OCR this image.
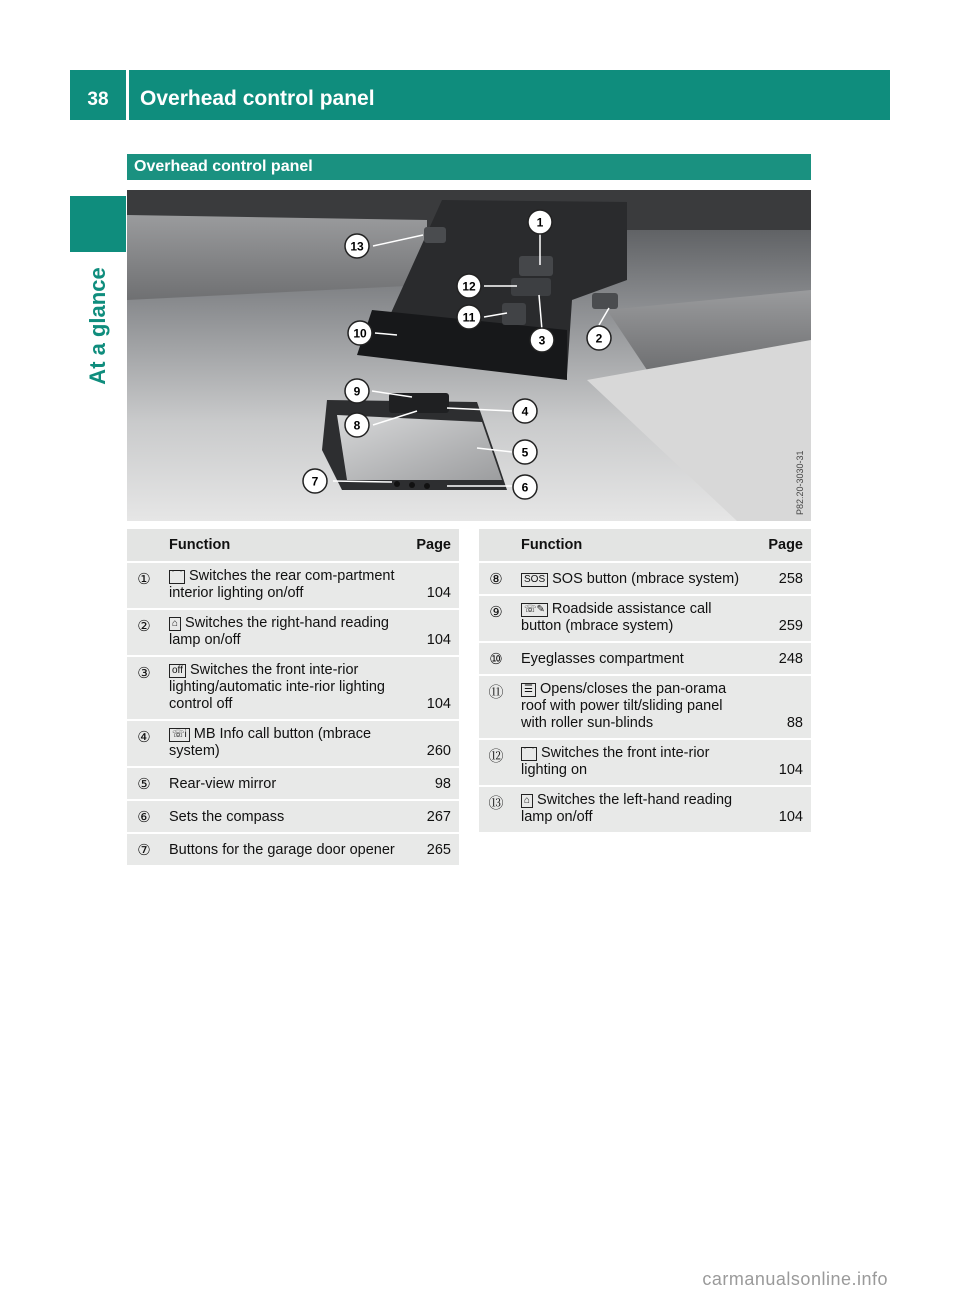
38	Overhead control panel
At a glance
Overhead control panel
1
2
3
4
5
6
7
8
9
10
11
12
13
P82.20-3030-31
	Function	Page
①	⌒ Switches the rear com-partment interior lighting on/off	104
②	⌂ Switches the right-hand reading lamp on/off	104
③	off Switches the front inte-rior lighting/automatic inte-rior lighting control off	104
④	☏i MB Info call button (mbrace system)	260
⑤	Rear-view mirror	98
⑥	Sets the compass	267
⑦	Buttons for the garage door opener	265
	Function	Page
⑧	SOS SOS button (mbrace system)	258
⑨	☏✎ Roadside assistance call button (mbrace system)	259
⑩	Eyeglasses compartment	248
⑪	☰ Opens/closes the pan-orama roof with power tilt/sliding panel with roller sun-blinds	88
⑫	⌒ Switches the front inte-rior lighting on	104
⑬	⌂ Switches the left-hand reading lamp on/off	104
carmanualsonline.info
